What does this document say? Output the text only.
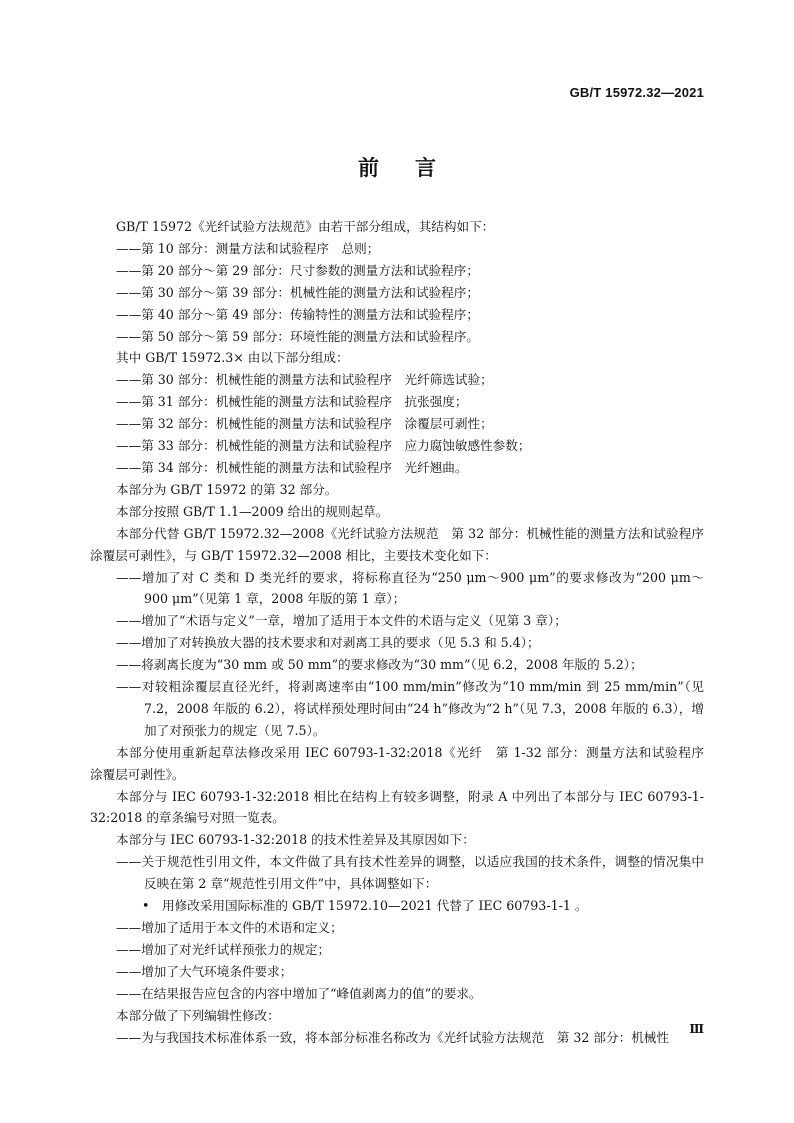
GB/T 15972.32—2021
前言

GB/T 15972《光纤试验方法规范》由若干部分组成，其结构如下：

——第 10 部分：测量方法和试验程序　总则；

——第 20 部分～第 29 部分：尺寸参数的测量方法和试验程序；

——第 30 部分～第 39 部分：机械性能的测量方法和试验程序；

——第 40 部分～第 49 部分：传输特性的测量方法和试验程序；

——第 50 部分～第 59 部分：环境性能的测量方法和试验程序。

其中 GB/T 15972.3× 由以下部分组成：

——第 30 部分：机械性能的测量方法和试验程序　光纤筛选试验；

——第 31 部分：机械性能的测量方法和试验程序　抗张强度；

——第 32 部分：机械性能的测量方法和试验程序　涂覆层可剥性；

——第 33 部分：机械性能的测量方法和试验程序　应力腐蚀敏感性参数；

——第 34 部分：机械性能的测量方法和试验程序　光纤翘曲。

本部分为 GB/T 15972 的第 32 部分。

本部分按照 GB/T 1.1—2009 给出的规则起草。

本部分代替 GB/T 15972.32—2008《光纤试验方法规范　第 32 部分：机械性能的测量方法和试验程序　涂覆层可剥性》，与 GB/T 15972.32—2008 相比，主要技术变化如下：

——增加了对 C 类和 D 类光纤的要求，将标称直径为“250 μm～900 μm”的要求修改为“200 μm～900 μm”（见第 1 章，2008 年版的第 1 章）；

——增加了“术语与定义”一章，增加了适用于本文件的术语与定义（见第 3 章）；

——增加了对转换放大器的技术要求和对剥离工具的要求（见 5.3 和 5.4）；

——将剥离长度为“30 mm 或 50 mm”的要求修改为“30 mm”（见 6.2，2008 年版的 5.2）；

——对较粗涂覆层直径光纤，将剥离速率由“100 mm/min”修改为“10 mm/min 到 25 mm/min”（见 7.2，2008 年版的 6.2），将试样预处理时间由“24 h”修改为“2 h”（见 7.3，2008 年版的 6.3），增加了对预张力的规定（见 7.5）。

本部分使用重新起草法修改采用 IEC 60793-1-32:2018《光纤　第 1-32 部分：测量方法和试验程序　涂覆层可剥性》。

本部分与 IEC 60793-1-32:2018 相比在结构上有较多调整，附录 A 中列出了本部分与 IEC 60793-1-32:2018 的章条编号对照一览表。

本部分与 IEC 60793-1-32:2018 的技术性差异及其原因如下：

——关于规范性引用文件，本文件做了具有技术性差异的调整，以适应我国的技术条件，调整的情况集中反映在第 2 章“规范性引用文件”中，具体调整如下：

•　用修改采用国际标准的 GB/T 15972.10—2021 代替了 IEC 60793-1-1 。

——增加了适用于本文件的术语和定义；

——增加了对光纤试样预张力的规定；

——增加了大气环境条件要求；

——在结果报告应包含的内容中增加了“峰值剥离力的值”的要求。

本部分做了下列编辑性修改：

——为与我国技术标准体系一致，将本部分标准名称改为《光纤试验方法规范　第 32 部分：机械性

Ⅲ
